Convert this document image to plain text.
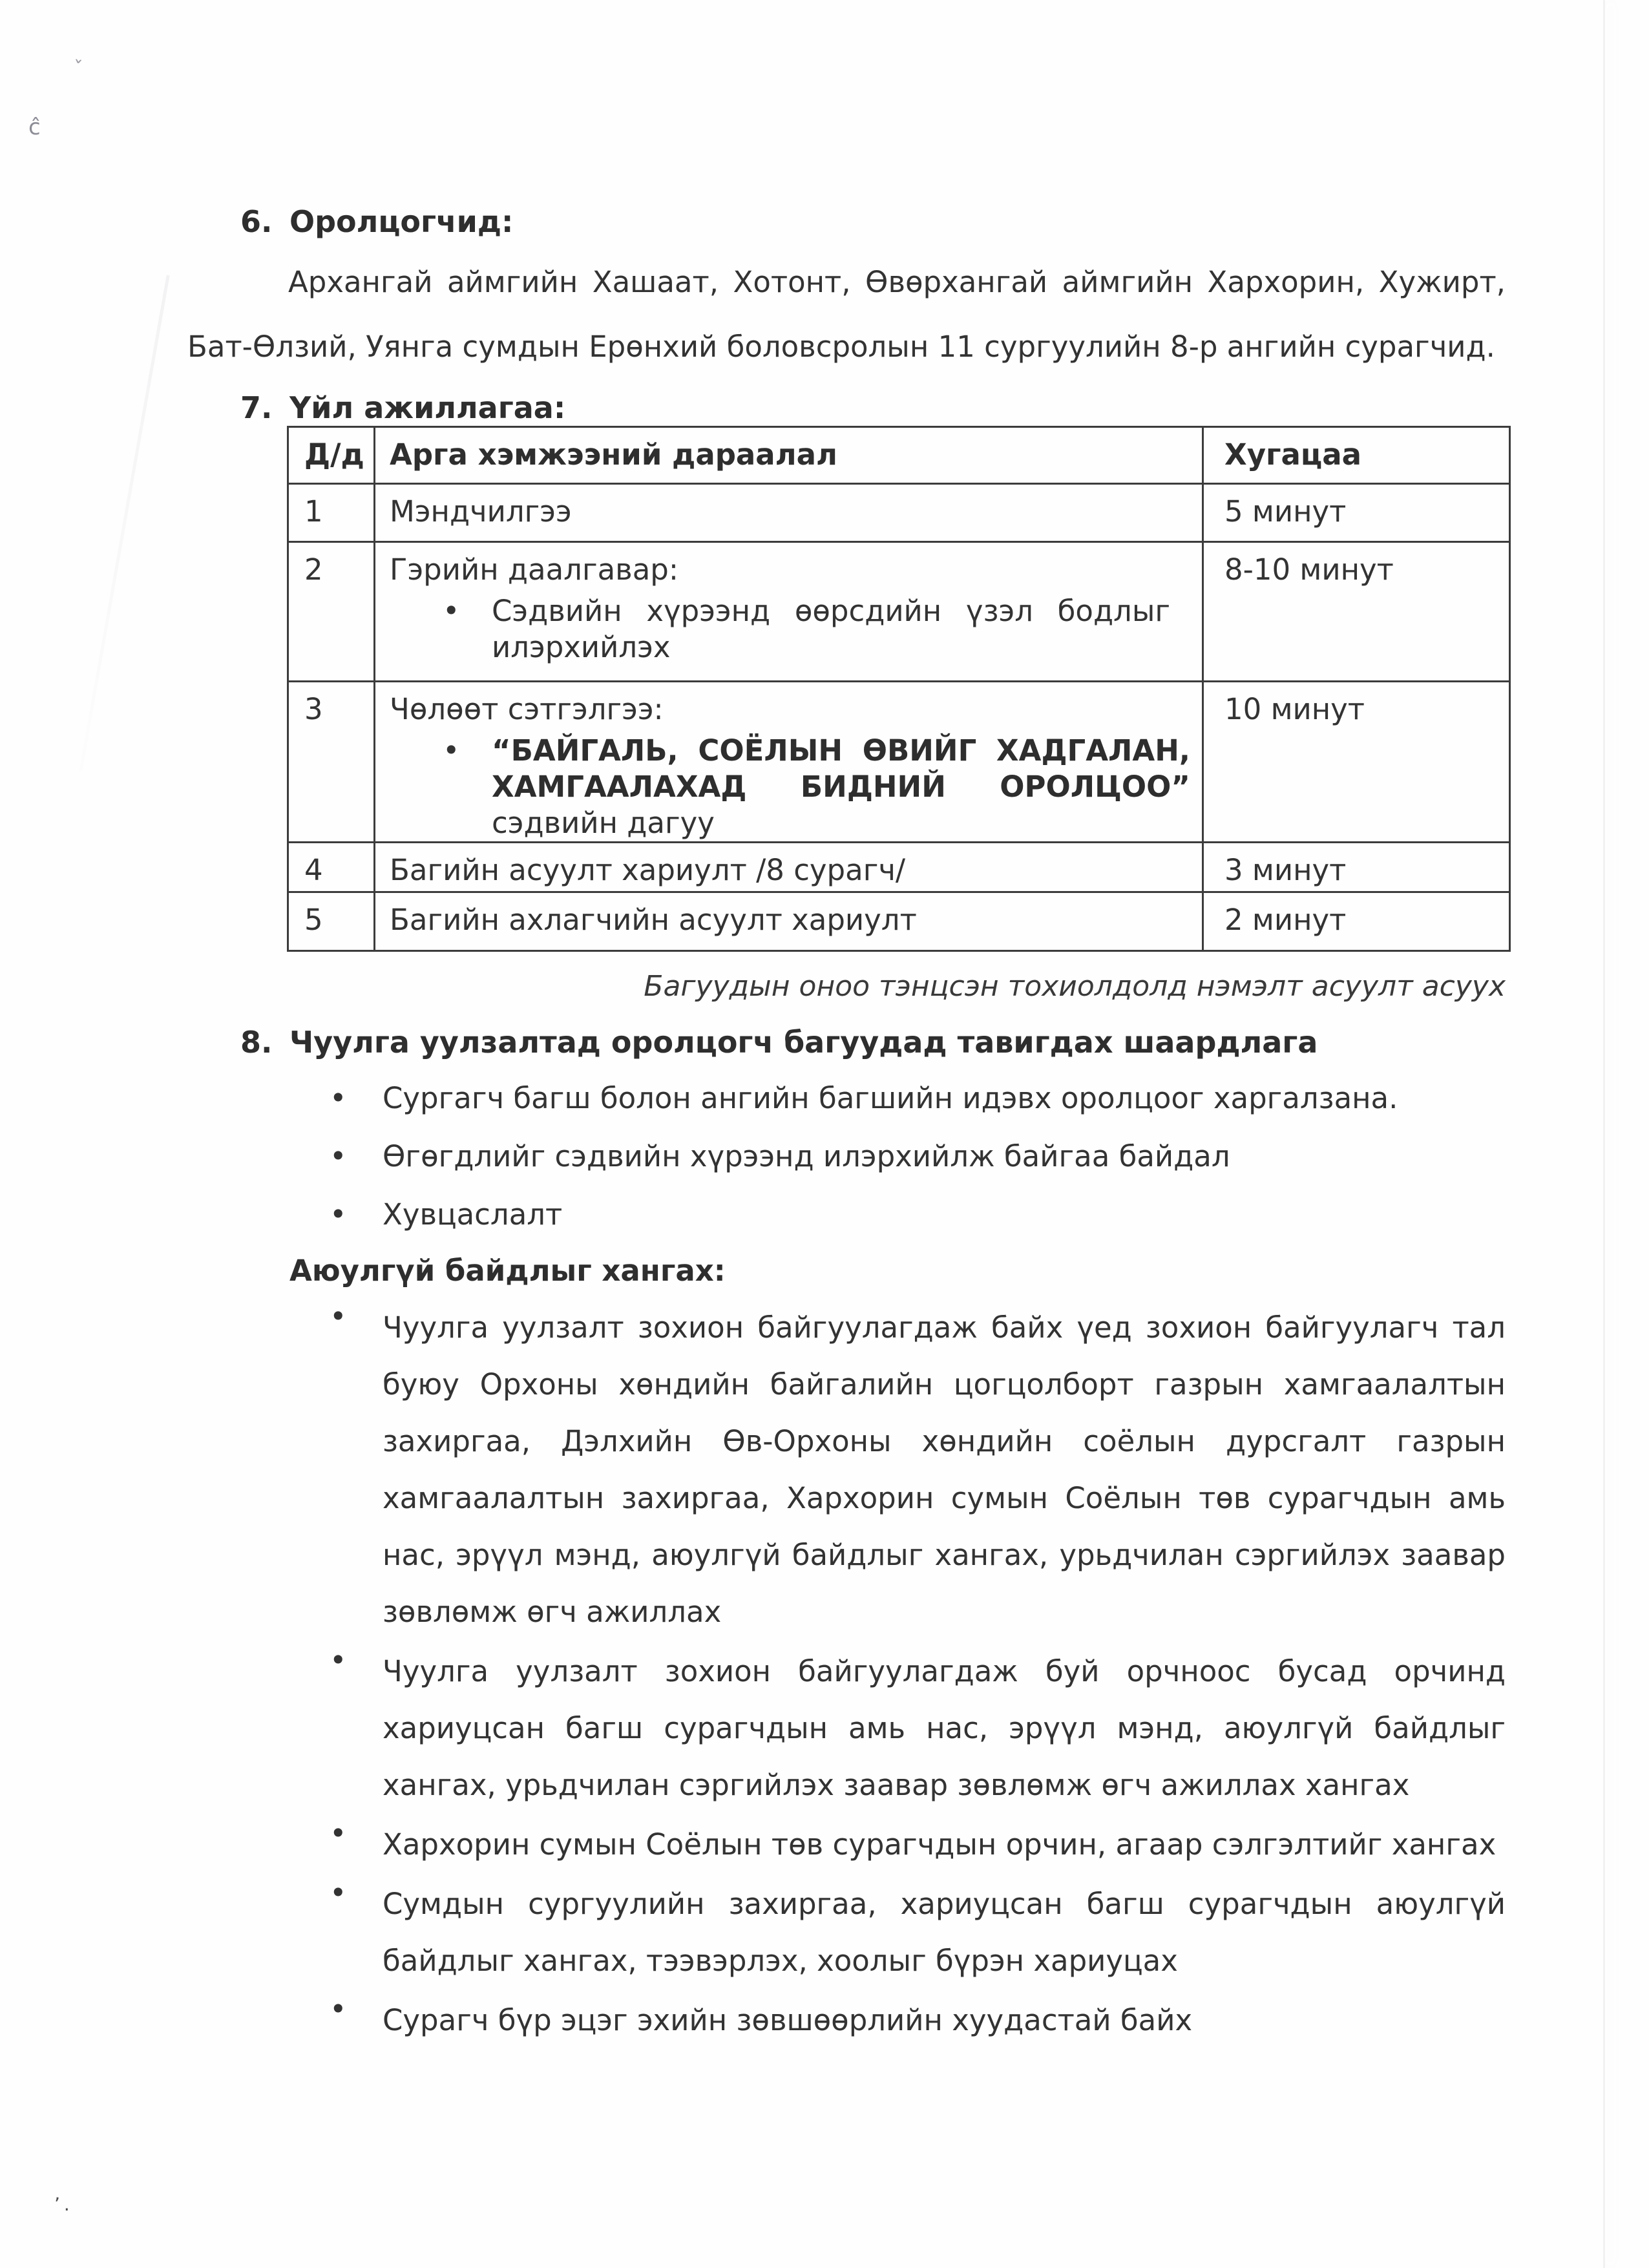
ˇ
ĉ
ʼ.
6. Оролцогчид:
Архангай аймгийн Хашаат, Хотонт, Өвөрхангай аймгийн Хархорин, Хужирт,
Бат-Өлзий, Уянга сумдын Ерөнхий боловсролын 11 сургуулийн 8-р ангийн сурагчид.
7. Үйл ажиллагаа:
Д/д	Арга хэмжээний дараалал	Хугацаа
1	Мэндчилгээ	5 минут
2	Гэрийн даалгавар:
• Сэдвийн хүрээнд өөрсдийн үзэл бодлыг
илэрхийлэх	8-10 минут
3	Чөлөөт сэтгэлгээ:
• “БАЙГАЛЬ, СОЁЛЫН ӨВИЙГ ХАДГАЛАН,
ХАМГААЛАХАД БИДНИЙ ОРОЛЦОО”
сэдвийн дагуу	10 минут
4	Багийн асуулт хариулт /8 сурагч/	3 минут
5	Багийн ахлагчийн асуулт хариулт	2 минут
Багуудын оноо тэнцсэн тохиолдолд нэмэлт асуулт асуух
8. Чуулга уулзалтад оролцогч багуудад тавигдах шаардлага
•	Сургагч багш болон ангийн багшийн идэвх оролцоог харгалзана.
•	Өгөгдлийг сэдвийн хүрээнд илэрхийлж байгаа байдал
•	Хувцаслалт
Аюулгүй байдлыг хангах:
•	Чуулга уулзалт зохион байгуулагдаж байх үед зохион байгуулагч тал
буюу Орхоны хөндийн байгалийн цогцолборт газрын хамгаалалтын
захиргаа, Дэлхийн Өв-Орхоны хөндийн соёлын дурсгалт газрын
хамгаалалтын захиргаа, Хархорин сумын Соёлын төв сурагчдын амь
нас, эрүүл мэнд, аюулгүй байдлыг хангах, урьдчилан сэргийлэх заавар
зөвлөмж өгч ажиллах
•	Чуулга уулзалт зохион байгуулагдаж буй орчноос бусад орчинд
хариуцсан багш сурагчдын амь нас, эрүүл мэнд, аюулгүй байдлыг
хангах, урьдчилан сэргийлэх заавар зөвлөмж өгч ажиллах хангах
•	Хархорин сумын Соёлын төв сурагчдын орчин, агаар сэлгэлтийг хангах
•	Сумдын сургуулийн захиргаа, хариуцсан багш сурагчдын аюулгүй
байдлыг хангах, тээвэрлэх, хоолыг бүрэн хариуцах
•	Сурагч бүр эцэг эхийн зөвшөөрлийн хуудастай байх
